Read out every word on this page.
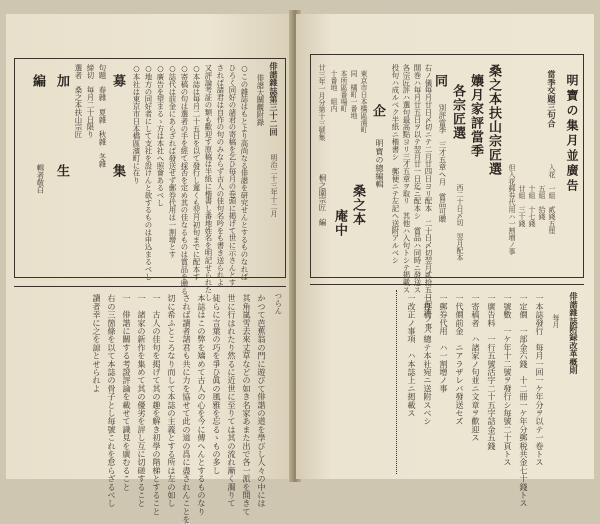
俳諧雜誌第三十二回
明治二十三年十二月
俳諧大關觀附錄
○この雜誌はもとより高尚なる俳諧を研究せんとするものなれば
ひろく同好の諸君の寄稿を乞ひ毎月の卷頭に掲げて世に示さんとす
されば諸君は自作の句のみならず古人の佳句名吟をも書き送られよ
又評論考証の類も歡迎す原稿は半紙に楷書し番地姓名を明記せられたし
○本誌は毎月二十五日を以て發行し遲くも翌月初旬までに配本す
○寄稿の句は選者の手を經て採否を定め其の佳なるものは賞品を贈る
○誌代は前金にあらざれば發送せず郵券代用は一割增とす
○廣告を望まるゝ方は本社へ照會あるべし
○地方の同好者にして支社を設けんと欲するものは申込まるべし
○本社は東京市日本橋區濱町に在り
募
集
句題　春雜　夏雜　秋雜　冬雜
締切　毎月二十日限り
選者　桑之本扶山宗匠
加
生
編
輯者敬白
つらん
かつて芭蕉翁の門に遊びて俳諧の道を學びし人々の中には
其角嵐雪去來丈草などの如き名家あまた出で各一派を開きて
世に行はれたり然るに近世に至りては其の流れ漸く濁りて
徒らに言葉の巧を爭ひ眞の風雅を忘るゝもの多し
本誌はこの弊を矯めて古人の心を今に傳へんとするものなり
されば讀者諸君も共に力を協せて此の道の爲に盡されんことを
切に希ふところなり而して本誌の主義とする所は左の如し
一　古人の佳句を掲げて其の趣を解き初學の階梯とすること
一　諸家の新作を集めて其の優劣を評し互に切磋すること
一　俳諧に關する考證評論を載せて識見を廣むること
右の三箇條を以て本誌の骨子とし毎號これを怠らざるべし
讀者幸に之を諒とせられよ
明寶の集月並廣告
當季交題三句合
入花　一組　貳錢五厘
　　　五組　拾錢
　　　十組　十七錢
　　　廿組　三十錢
但入花郵券代用ハ一割増ノ事
桑之本扶山宗匠選
孃月家評當季
各宗匠選
西二十日〆切　翌月配本
同
別評當季　三才五章へ月　賞品可贈
右ノ儀毎月廿日〆切ニテ二月廿四日ヨリ配本　二十日〆切翌月貳拾五日配本ノ事
開巻ハ毎月廿五日ヲ以テ翌月廿一日迄ニ配本シ　賞品ハ同時ニ發送ス
各宗匠評ハ選句最高點ヨリ三才五章ヲ取リ　其他ハ入句トシテ掲載ス
投句ハ成ルベク半紙ニ楷書シ　郵便ニテ左記ヘ送附アルベシ
企
明寶の總編輯
東京市日本橋區濱町
同　橘町一番地
本所區番場町
十番地　組内
桑之本
庵中
廿三年一月分第十三號集
桐之園宗匠　編
俳諧雜誌附録改革概則
每月
一本誌發行　每月一回一ケ年分ヲ以テ一卷トス
一定價　一部金六錢　十二冊一ケ年分郵税共金七十錢トス
一號數　一ケ年十二號ヲ發行シ毎號二十頁トス
一廣告料　一行五號活字二十五字詰金五錢
一寄稿者　ハ諸家ノ句並ニ文章ヲ歡迎ス
一代價前金　ニアラザレバ發送セズ
一郵券代用　ハ一割增ノ事
一投稿　ハ總テ本社宛ニ送附スベシ
一改正ノ事項　ハ本誌上ニ掲載ス
